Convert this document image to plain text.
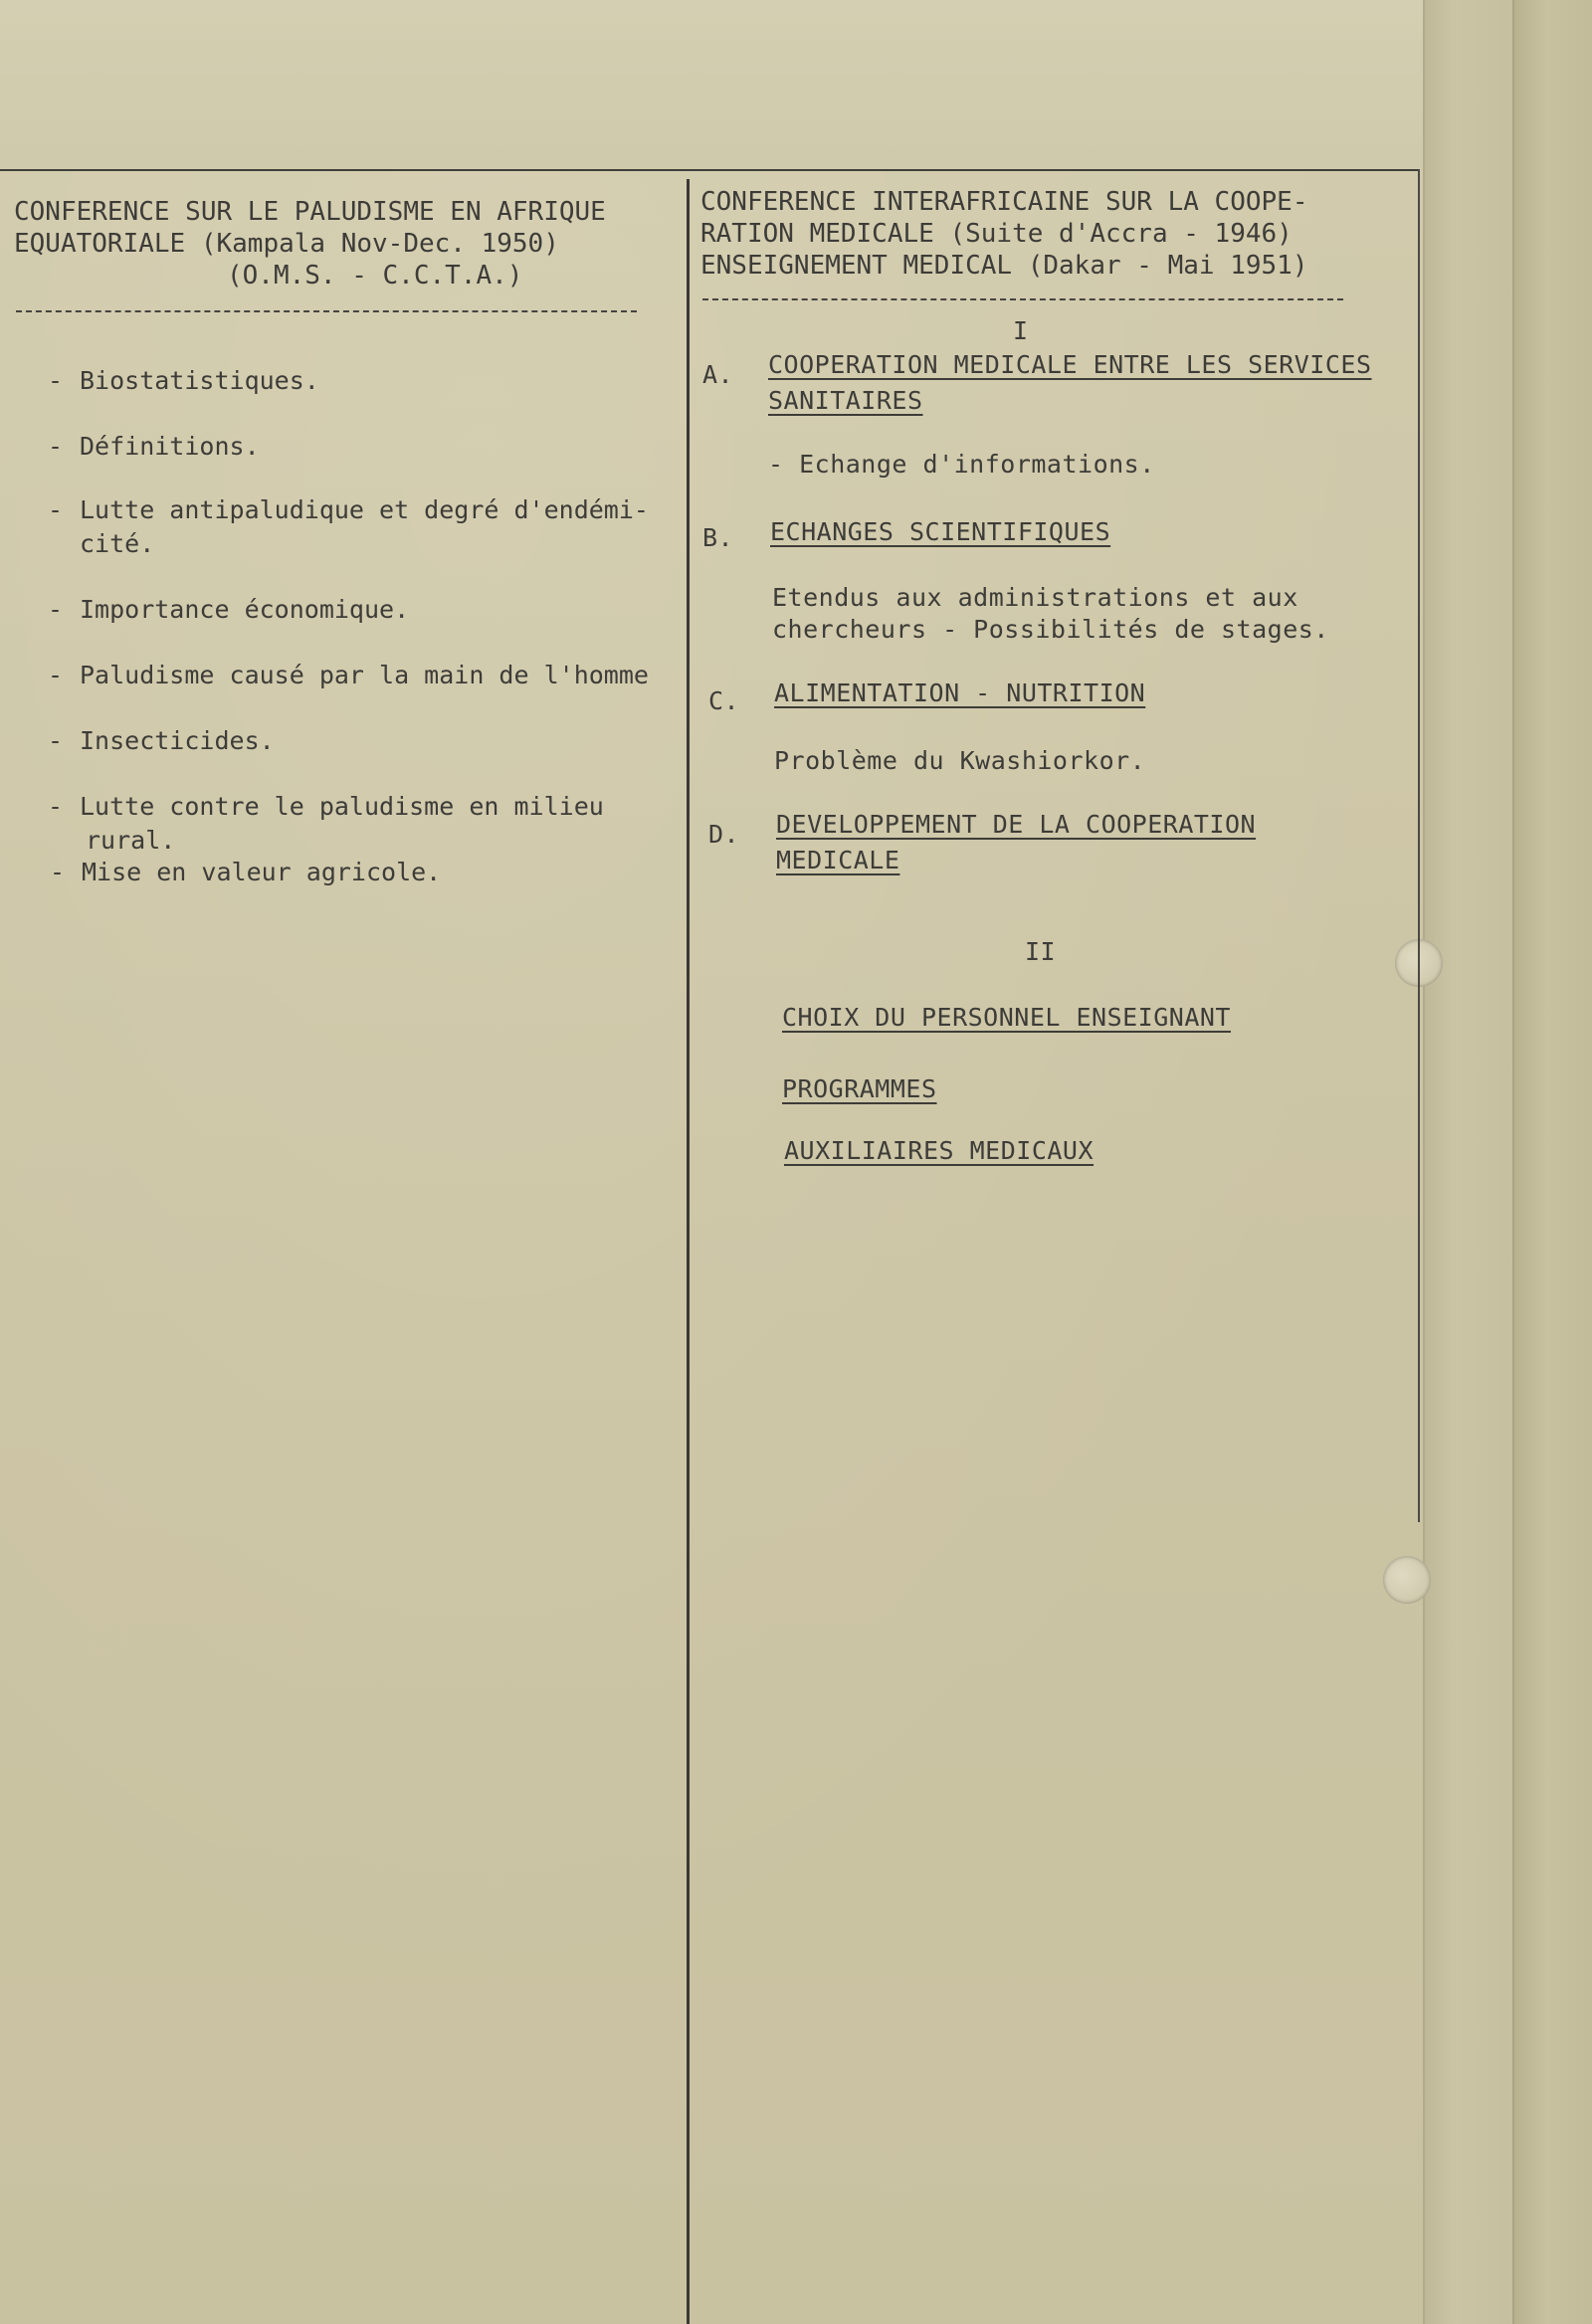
CONFERENCE SUR LE PALUDISME EN AFRIQUE
EQUATORIALE (Kampala Nov-Dec. 1950)
(O.M.S. - C.C.T.A.)
- Biostatistiques.
- Définitions.
- Lutte antipaludique et degré d'endémi-
cité.
- Importance économique.
- Paludisme causé par la main de l'homme
- Insecticides.
- Lutte contre le paludisme en milieu
rural.
- Mise en valeur agricole.
CONFERENCE INTERAFRICAINE SUR LA COOPE-
RATION MEDICALE (Suite d'Accra - 1946)
ENSEIGNEMENT MEDICAL (Dakar - Mai 1951)
I
A. COOPERATION MEDICALE ENTRE LES SERVICES
SANITAIRES
- Echange d'informations.
B. ECHANGES SCIENTIFIQUES
Etendus aux administrations et aux
chercheurs - Possibilités de stages.
C. ALIMENTATION - NUTRITION
Problème du Kwashiorkor.
D. DEVELOPPEMENT DE LA COOPERATION
MEDICALE
II
CHOIX DU PERSONNEL ENSEIGNANT
PROGRAMMES
AUXILIAIRES MEDICAUX
